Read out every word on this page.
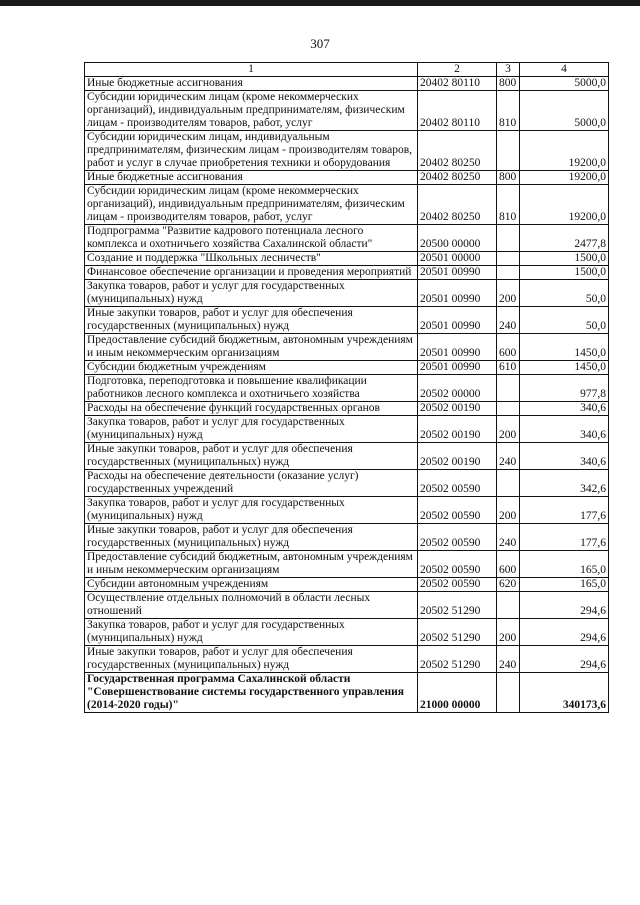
307
1	2	3	4
Иные бюджетные ассигнования	20402 80110	800	5000,0
Субсидии юридическим лицам (кроме некоммерческих организаций), индивидуальным предпринимателям, физическим лицам - производителям товаров, работ, услуг	20402 80110	810	5000,0
Субсидии юридическим лицам, индивидуальным предпринимателям, физическим лицам - производителям товаров, работ и услуг в случае приобретения техники и оборудования	20402 80250		19200,0
Иные бюджетные ассигнования	20402 80250	800	19200,0
Субсидии юридическим лицам (кроме некоммерческих организаций), индивидуальным предпринимателям, физическим лицам - производителям товаров, работ, услуг	20402 80250	810	19200,0
Подпрограмма "Развитие кадрового потенциала лесного комплекса и охотничьего хозяйства Сахалинской области"	20500 00000		2477,8
Создание и поддержка "Школьных лесничеств"	20501 00000		1500,0
Финансовое обеспечение организации и проведения мероприятий	20501 00990		1500,0
Закупка товаров, работ и услуг для государственных (муниципальных) нужд	20501 00990	200	50,0
Иные закупки товаров, работ и услуг для обеспечения государственных (муниципальных) нужд	20501 00990	240	50,0
Предоставление субсидий бюджетным, автономным учреждениям и иным некоммерческим организациям	20501 00990	600	1450,0
Субсидии бюджетным учреждениям	20501 00990	610	1450,0
Подготовка, переподготовка и повышение квалификации работников лесного комплекса и охотничьего хозяйства	20502 00000		977,8
Расходы на обеспечение функций государственных органов	20502 00190		340,6
Закупка товаров, работ и услуг для государственных (муниципальных) нужд	20502 00190	200	340,6
Иные закупки товаров, работ и услуг для обеспечения государственных (муниципальных) нужд	20502 00190	240	340,6
Расходы на обеспечение деятельности (оказание услуг) государственных учреждений	20502 00590		342,6
Закупка товаров, работ и услуг для государственных (муниципальных) нужд	20502 00590	200	177,6
Иные закупки товаров, работ и услуг для обеспечения государственных (муниципальных) нужд	20502 00590	240	177,6
Предоставление субсидий бюджетным, автономным учреждениям и иным некоммерческим организациям	20502 00590	600	165,0
Субсидии автономным учреждениям	20502 00590	620	165,0
Осуществление отдельных полномочий в области лесных отношений	20502 51290		294,6
Закупка товаров, работ и услуг для государственных (муниципальных) нужд	20502 51290	200	294,6
Иные закупки товаров, работ и услуг для обеспечения государственных (муниципальных) нужд	20502 51290	240	294,6
Государственная программа Сахалинской области "Совершенствование системы государственного управления (2014-2020 годы)"	21000 00000		340173,6
